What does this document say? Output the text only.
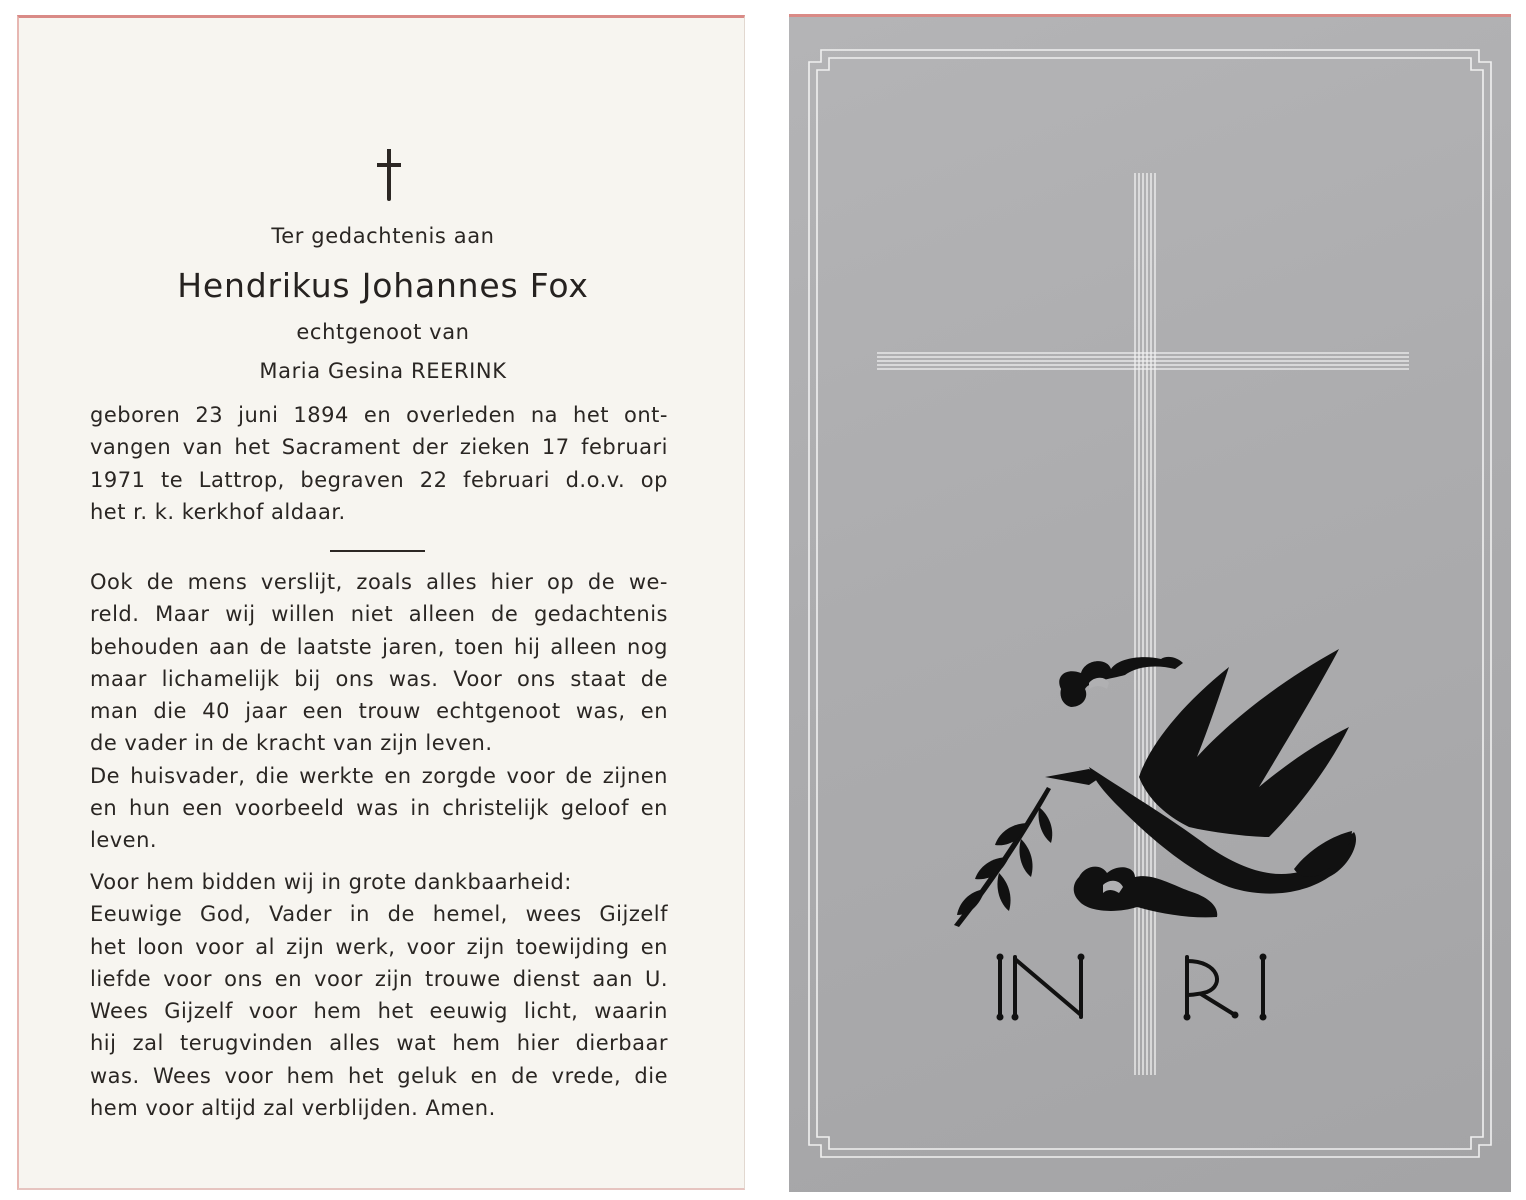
Ter gedachtenis aan
Hendrikus Johannes Fox
echtgenoot van
Maria Gesina REERINK
geboren 23 juni 1894 en overleden na het ont-
vangen van het Sacrament der zieken 17 februari
1971 te Lattrop, begraven 22 februari d.o.v. op
het r. k. kerkhof aldaar.
Ook de mens verslijt, zoals alles hier op de we-
reld. Maar wij willen niet alleen de gedachtenis
behouden aan de laatste jaren, toen hij alleen nog
maar lichamelijk bij ons was. Voor ons staat de
man die 40 jaar een trouw echtgenoot was, en
de vader in de kracht van zijn leven.
De huisvader, die werkte en zorgde voor de zijnen
en hun een voorbeeld was in christelijk geloof en
leven.
Voor hem bidden wij in grote dankbaarheid:
Eeuwige God, Vader in de hemel, wees Gijzelf
het loon voor al zijn werk, voor zijn toewijding en
liefde voor ons en voor zijn trouwe dienst aan U.
Wees Gijzelf voor hem het eeuwig licht, waarin
hij zal terugvinden alles wat hem hier dierbaar
was. Wees voor hem het geluk en de vrede, die
hem voor altijd zal verblijden. Amen.
